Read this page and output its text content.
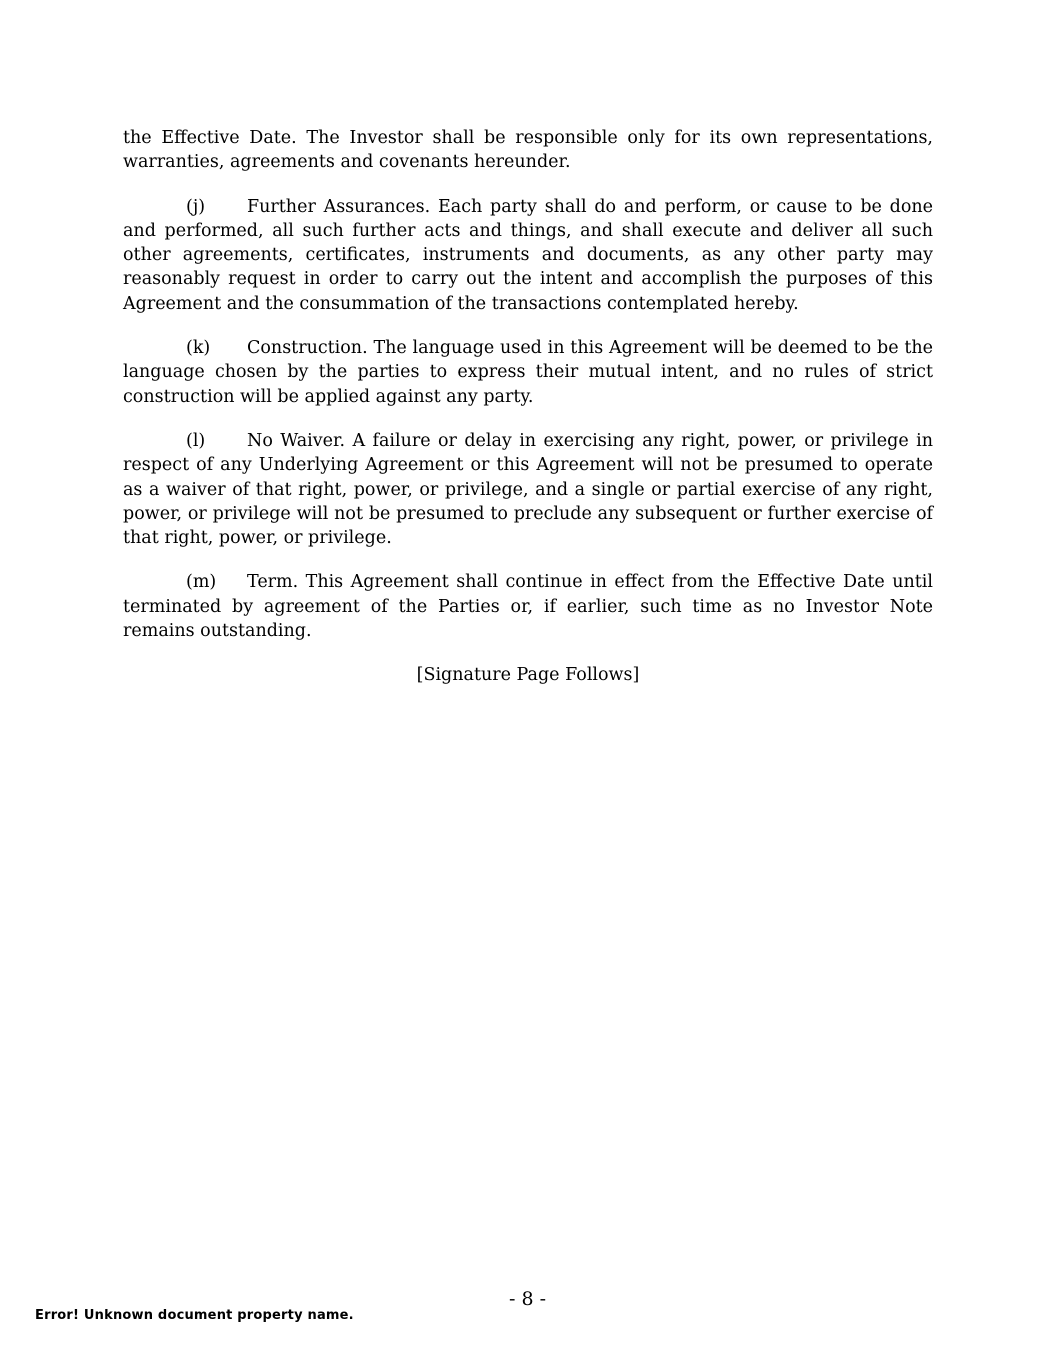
the Effective Date. The Investor shall be responsible only for its own representations, warranties, agreements and covenants hereunder.

(j) Further Assurances. Each party shall do and perform, or cause to be done and performed, all such further acts and things, and shall execute and deliver all such other agreements, certificates, instruments and documents, as any other party may reasonably request in order to carry out the intent and accomplish the purposes of this Agreement and the consummation of the transactions contemplated hereby.

(k) Construction. The language used in this Agreement will be deemed to be the language chosen by the parties to express their mutual intent, and no rules of strict construction will be applied against any party.

(l) No Waiver. A failure or delay in exercising any right, power, or privilege in respect of any Underlying Agreement or this Agreement will not be presumed to operate as a waiver of that right, power, or privilege, and a single or partial exercise of any right, power, or privilege will not be presumed to preclude any subsequent or further exercise of that right, power, or privilege.

(m) Term. This Agreement shall continue in effect from the Effective Date until terminated by agreement of the Parties or, if earlier, such time as no Investor Note remains outstanding.

[Signature Page Follows]

- 8 -
Error! Unknown document property name.
